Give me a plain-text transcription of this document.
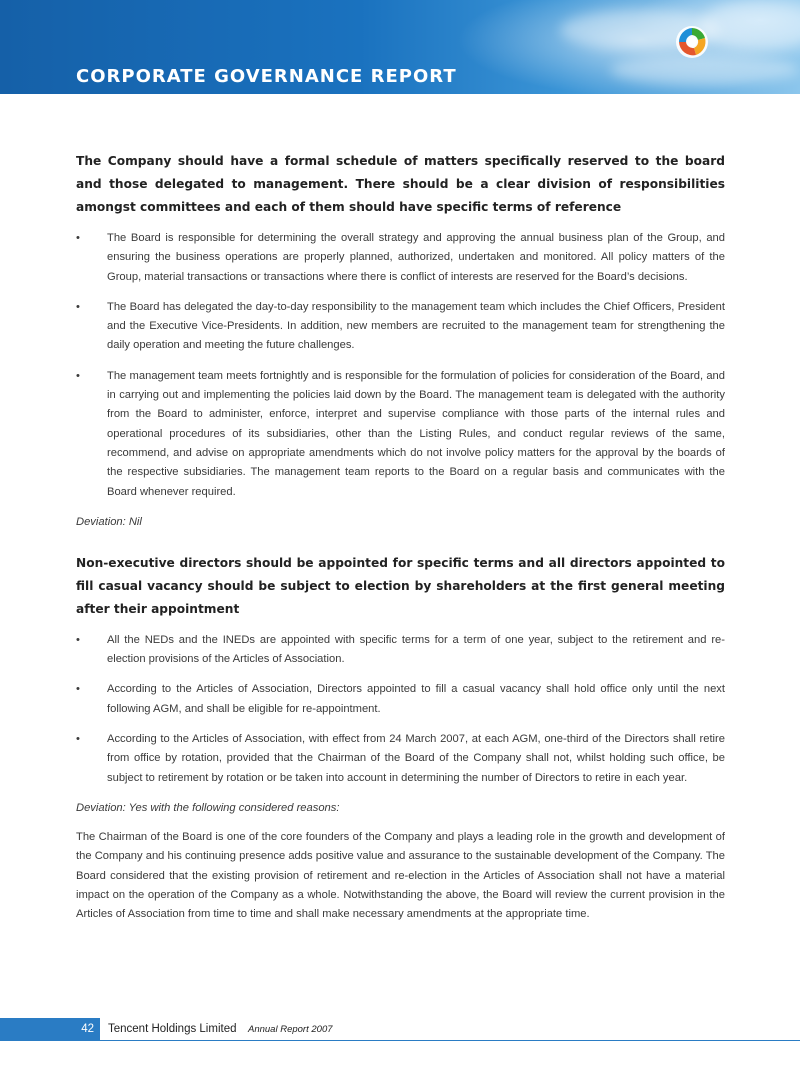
CORPORATE GOVERNANCE REPORT
The Company should have a formal schedule of matters specifically reserved to the board and those delegated to management. There should be a clear division of responsibilities amongst committees and each of them should have specific terms of reference
• The Board is responsible for determining the overall strategy and approving the annual business plan of the Group, and ensuring the business operations are properly planned, authorized, undertaken and monitored. All policy matters of the Group, material transactions or transactions where there is conflict of interests are reserved for the Board’s decisions.
• The Board has delegated the day-to-day responsibility to the management team which includes the Chief Officers, President and the Executive Vice-Presidents. In addition, new members are recruited to the management team for strengthening the daily operation and meeting the future challenges.
• The management team meets fortnightly and is responsible for the formulation of policies for consideration of the Board, and in carrying out and implementing the policies laid down by the Board. The management team is delegated with the authority from the Board to administer, enforce, interpret and supervise compliance with those parts of the internal rules and operational procedures of its subsidiaries, other than the Listing Rules, and conduct regular reviews of the same, recommend, and advise on appropriate amendments which do not involve policy matters for the approval by the boards of the respective subsidiaries. The management team reports to the Board on a regular basis and communicates with the Board whenever required.

Deviation: Nil

Non-executive directors should be appointed for specific terms and all directors appointed to fill casual vacancy should be subject to election by shareholders at the first general meeting after their appointment
• All the NEDs and the INEDs are appointed with specific terms for a term of one year, subject to the retirement and re-election provisions of the Articles of Association.
• According to the Articles of Association, Directors appointed to fill a casual vacancy shall hold office only until the next following AGM, and shall be eligible for re-appointment.
• According to the Articles of Association, with effect from 24 March 2007, at each AGM, one-third of the Directors shall retire from office by rotation, provided that the Chairman of the Board of the Company shall not, whilst holding such office, be subject to retirement by rotation or be taken into account in determining the number of Directors to retire in each year.

Deviation: Yes with the following considered reasons:

The Chairman of the Board is one of the core founders of the Company and plays a leading role in the growth and development of the Company and his continuing presence adds positive value and assurance to the sustainable development of the Company. The Board considered that the existing provision of retirement and re-election in the Articles of Association shall not have a material impact on the operation of the Company as a whole. Notwithstanding the above, the Board will review the current provision in the Articles of Association from time to time and shall make necessary amendments at the appropriate time.

42 Tencent Holdings Limited Annual Report 2007
